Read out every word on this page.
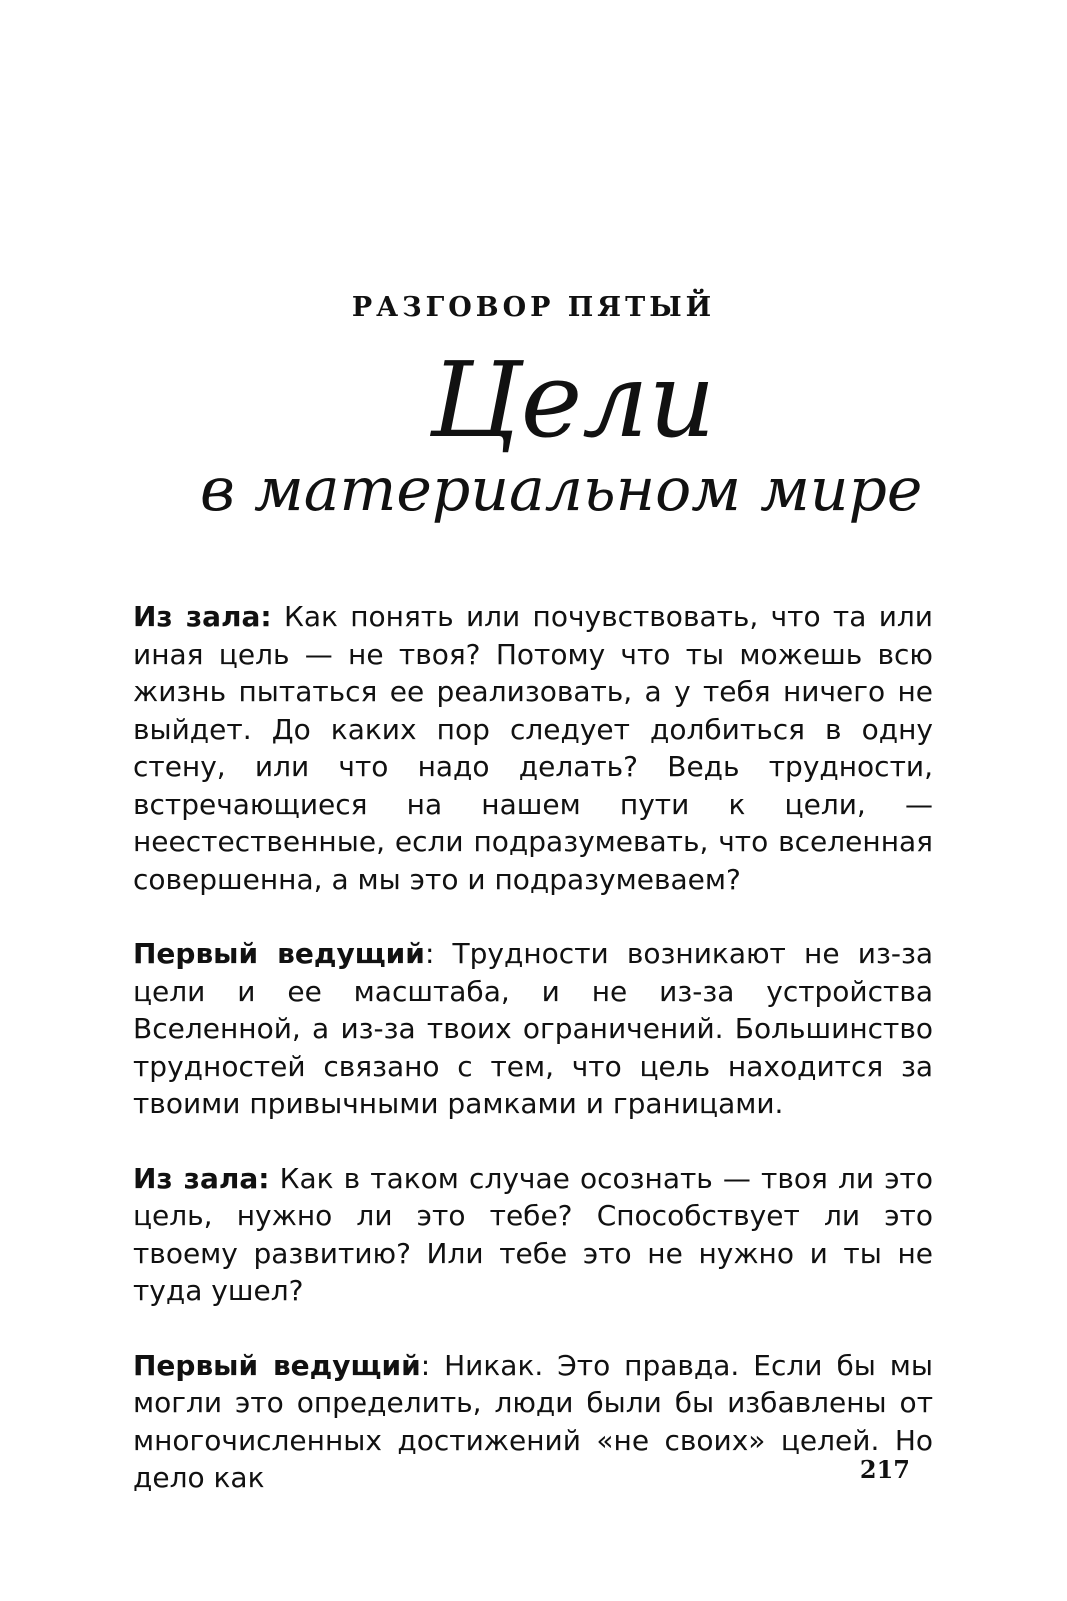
РАЗГОВОР ПЯТЫЙ
Цели
в материальном мире

Из зала: Как понять или почувствовать, что та или иная цель — не твоя? Потому что ты можешь всю жизнь пытаться ее реализовать, а у тебя ничего не выйдет. До каких пор следует долбиться в одну стену, или что надо делать? Ведь трудности, встречающиеся на нашем пути к цели, — неестественные, если подразумевать, что вселенная совершенна, а мы это и подразумеваем?

Первый ведущий: Трудности возникают не из-за цели и ее масштаба, и не из-за устройства Вселенной, а из-за твоих ограничений. Большинство трудностей связано с тем, что цель находится за твоими привычными рамками и границами.

Из зала: Как в таком случае осознать — твоя ли это цель, нужно ли это тебе? Способствует ли это твоему развитию? Или тебе это не нужно и ты не туда ушел?

Первый ведущий: Никак. Это правда. Если бы мы могли это определить, люди были бы избавлены от многочисленных достижений «не своих» целей. Но дело как	217
